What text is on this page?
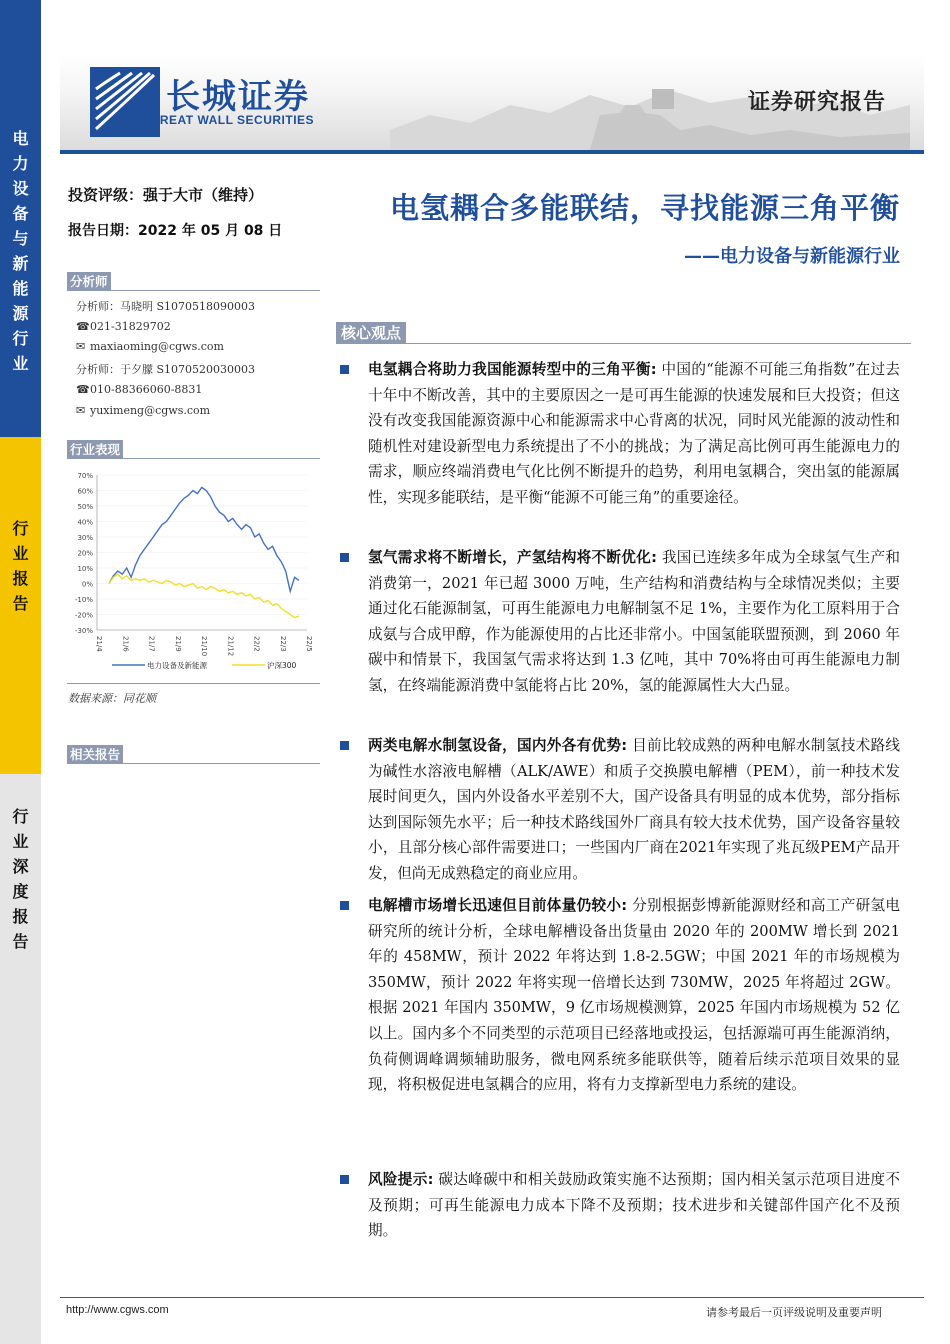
电
力
设
备
与
新
能
源
行
业
行
业
报
告
行
业
深
度
报
告
长城证券
GREAT WALL SECURITIES
证券研究报告
投资评级：强于大市（维持）
报告日期：2022 年 05 月 08 日
分析师
分析师：马晓明 S1070518090003
☎021-31829702
✉ maxiaoming@cgws.com
分析师：于夕朦 S1070520030003
☎010-88366060-8831
✉ yuximeng@cgws.com
行业表现
70%
60%
50%
40%
30%
20%
10%
0%
-10%
-20%
-30%
21/4	21/6	21/7	21/9	21/10	21/12	22/2	22/3	22/5
电力设备及新能源	沪深300
数据来源：同花顺
相关报告
电氢耦合多能联结，寻找能源三角平衡
——电力设备与新能源行业
核心观点

电氢耦合将助力我国能源转型中的三角平衡: 中国的“能源不可能三角指数”在过去十年中不断改善，其中的主要原因之一是可再生能源的快速发展和巨大投资；但这没有改变我国能源资源中心和能源需求中心背离的状况，同时风光能源的波动性和随机性对建设新型电力系统提出了不小的挑战；为了满足高比例可再生能源电力的需求，顺应终端消费电气化比例不断提升的趋势，利用电氢耦合，突出氢的能源属性，实现多能联结，是平衡“能源不可能三角”的重要途径。

氢气需求将不断增长，产氢结构将不断优化: 我国已连续多年成为全球氢气生产和消费第一，2021 年已超 3000 万吨，生产结构和消费结构与全球情况类似；主要通过化石能源制氢，可再生能源电力电解制氢不足 1%，主要作为化工原料用于合成氨与合成甲醇，作为能源使用的占比还非常小。中国氢能联盟预测，到 2060 年碳中和情景下，我国氢气需求将达到 1.3 亿吨，其中 70%将由可再生能源电力制氢，在终端能源消费中氢能将占比 20%，氢的能源属性大大凸显。

两类电解水制氢设备，国内外各有优势: 目前比较成熟的两种电解水制氢技术路线为碱性水溶液电解槽（ALK/AWE）和质子交换膜电解槽（PEM），前一种技术发展时间更久，国内外设备水平差别不大，国产设备具有明显的成本优势，部分指标达到国际领先水平；后一种技术路线国外厂商具有较大技术优势，国产设备容量较小，且部分核心部件需要进口；一些国内厂商在2021年实现了兆瓦级PEM产品开发，但尚无成熟稳定的商业应用。

电解槽市场增长迅速但目前体量仍较小: 分别根据彭博新能源财经和高工产研氢电研究所的统计分析，全球电解槽设备出货量由 2020 年的 200MW 增长到 2021 年的 458MW，预计 2022 年将达到 1.8-2.5GW；中国 2021 年的市场规模为 350MW，预计 2022 年将实现一倍增长达到 730MW，2025 年将超过 2GW。根据 2021 年国内 350MW，9 亿市场规模测算，2025 年国内市场规模为 52 亿以上。国内多个不同类型的示范项目已经落地或投运，包括源端可再生能源消纳，负荷侧调峰调频辅助服务，微电网系统多能联供等，随着后续示范项目效果的显现，将积极促进电氢耦合的应用，将有力支撑新型电力系统的建设。

风险提示: 碳达峰碳中和相关鼓励政策实施不达预期；国内相关氢示范项目进度不及预期；可再生能源电力成本下降不及预期；技术进步和关键部件国产化不及预期。

http://www.cgws.com	请参考最后一页评级说明及重要声明
